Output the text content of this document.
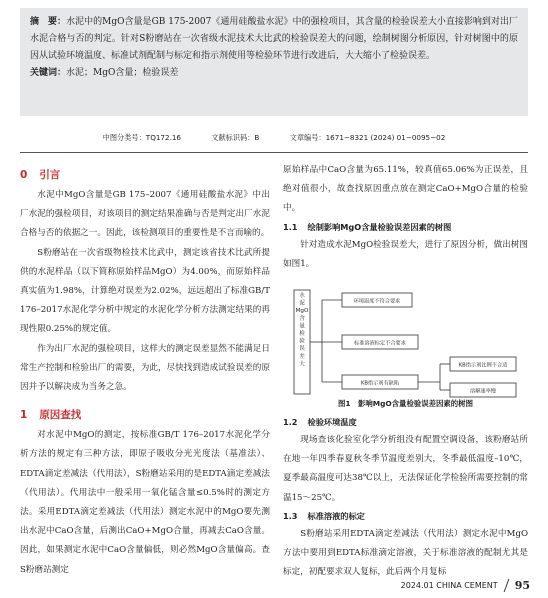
摘　要：水泥中的MgO含量是GB 175-2007《通用硅酸盐水泥》中的强检项目，其含量的检验误差大小直接影响到对出厂水泥合格与否的判定。针对S粉磨站在一次省级水泥技术大比武的检验误差大的问题，绘制树图分析原因，针对树图中的原因从试验环境温度、标准试剂配制与标定和指示剂使用等检验环节进行改进后，大大缩小了检验误差。

关键词：水泥；MgO含量；检验误差

中图分类号：TQ172.16	文献标识码：B	文章编号：1671−8321 (2024) 01−0095−02
0 引言

水泥中MgO含量是GB 175–2007《通用硅酸盐水泥》中出厂水泥的强检项目，对该项目的测定结果准确与否是判定出厂水泥合格与否的依据之一。因此，该检测项目的重要性是不言而喻的。

S粉磨站在一次省级物检技术比武中，测定该省技术比武所提供的水泥样品（以下简称原始样品MgO）为4.00%，而原始样品真实值为1.98%，计算绝对误差为2.02%，远远超出了标准GB/T 176–2017水泥化学分析中规定的水泥化学分析方法测定结果的再现性限0.25%的规定值。

作为出厂水泥的强检项目，这样大的测定误差显然不能满足日常生产控制和检验出厂的需要，为此，尽快找到造成试验误差的原因并予以解决成为当务之急。

1 原因查找

对水泥中MgO的测定，按标准GB/T 176–2017水泥化学分析方法的规定有三种方法，即原子吸收分光光度法（基准法）、EDTA滴定差减法（代用法），S粉磨站采用的是EDTA滴定差减法（代用法）。代用法中一般采用一氧化锰含量≤0.5%时的测定方法。采用EDTA滴定差减法（代用法）测定水泥中的MgO要先测出水泥中CaO含量，后测出CaO+MgO合量，再减去CaO含量。因此，如果测定水泥中CaO含量偏低，则必然MgO含量偏高。查S粉磨站测定

原始样品中CaO含量为65.11%，较真值65.06%为正误差，且绝对值很小，故查找原因重点放在测定CaO+MgO合量的检验中。

1.1 绘制影响MgO含量检验误差因素的树图

针对造成水泥MgO检验误差大，进行了原因分析，做出树图如图1。

水泥 MgO 含量检验误差大
环境温度不符合要求
标准溶液标定不合要求
KB指示剂有缺陷
KB指示剂比例不合适
溶解速率慢
图1　影响MgO含量检验误差因素的树图
1.2 检验环境温度

现场查该化验室化学分析组没有配置空调设备，该粉磨站所在地一年四季春夏秋冬季节温度差别大，冬季最低温度–10℃，夏季最高温度可达38℃以上，无法保证化学检验所需要控制的常温15～25℃。

1.3 标准溶液的标定

S粉磨站采用EDTA滴定差减法（代用法）测定水泥中MgO方法中要用到EDTA标准滴定溶液，关于标准溶液的配制尤其是标定，初配要求双人复标，此后两个月复标

2024.01 CHINA CEMENT 95
